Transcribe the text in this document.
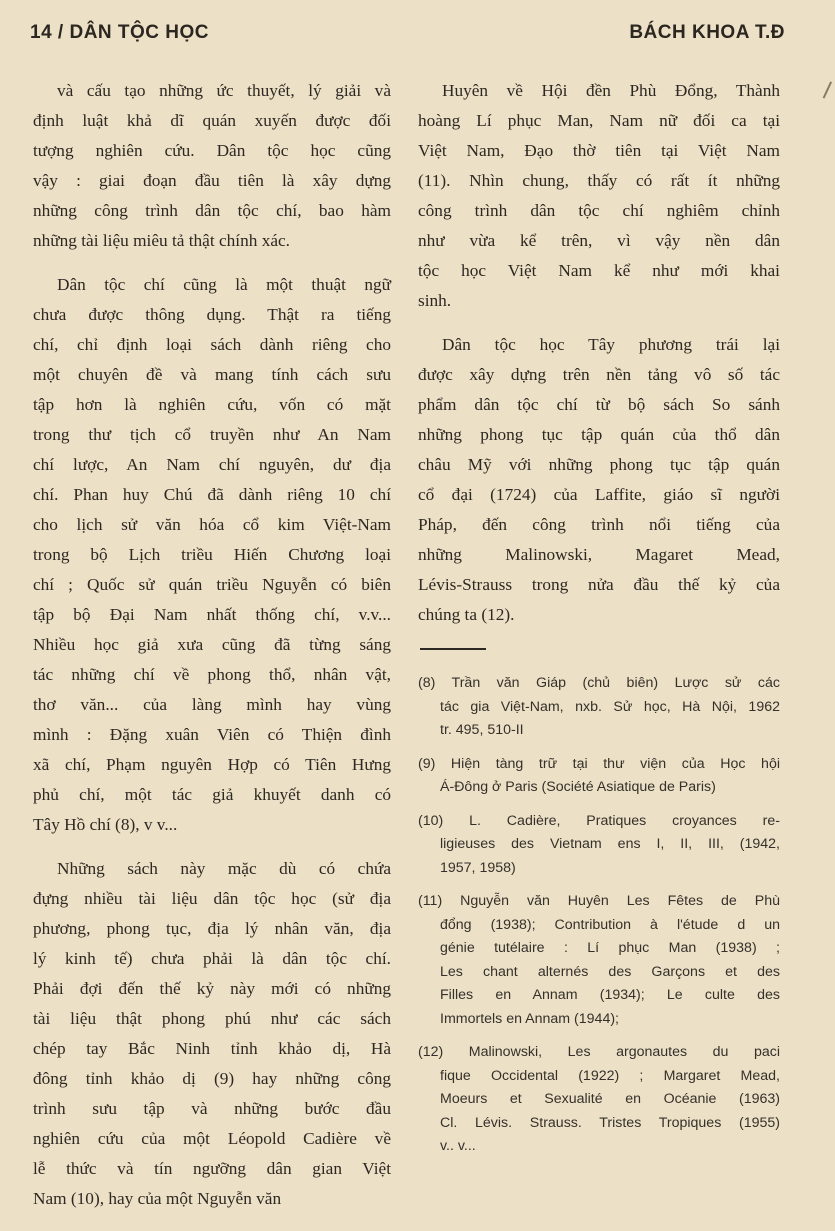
14 / DÂN TỘC HỌC	BÁCH KHOA T.Đ
và cấu tạo những ức thuyết, lý giải và
định luật khả dĩ quán xuyến được đối
tượng nghiên cứu. Dân tộc học cũng
vậy : giai đoạn đầu tiên là xây dựng
những công trình dân tộc chí, bao hàm
những tài liệu miêu tả thật chính xác.
Dân tộc chí cũng là một thuật ngữ
chưa được thông dụng. Thật ra tiếng
chí, chỉ định loại sách dành riêng cho
một chuyên đề và mang tính cách sưu
tập hơn là nghiên cứu, vốn có mặt
trong thư tịch cổ truyền như An Nam
chí lược, An Nam chí nguyên, dư địa
chí. Phan huy Chú đã dành riêng 10 chí
cho lịch sử văn hóa cổ kim Việt-Nam
trong bộ Lịch triều Hiến Chương loại
chí ; Quốc sử quán triều Nguyễn có biên
tập bộ Đại Nam nhất thống chí, v.v...
Nhiều học giả xưa cũng đã từng sáng
tác những chí về phong thổ, nhân vật,
thơ văn... của làng mình hay vùng
mình : Đặng xuân Viên có Thiện đình
xã chí, Phạm nguyên Hợp có Tiên Hưng
phủ chí, một tác giả khuyết danh có
Tây Hồ chí (8), v v...
Những sách này mặc dù có chứa
đựng nhiều tài liệu dân tộc học (sử địa
phương, phong tục, địa lý nhân văn, địa
lý kinh tế) chưa phải là dân tộc chí.
Phải đợi đến thế kỷ này mới có những
tài liệu thật phong phú như các sách
chép tay Bắc Ninh tỉnh khảo dị, Hà
đông tỉnh khảo dị (9) hay những công
trình sưu tập và những bước đầu
nghiên cứu của một Léopold Cadière về
lễ thức và tín ngưỡng dân gian Việt
Nam (10), hay của một Nguyễn văn
Huyên về Hội đền Phù Đổng, Thành
hoàng Lí phục Man, Nam nữ đối ca tại
Việt Nam, Đạo thờ tiên tại Việt Nam
(11). Nhìn chung, thấy có rất ít những
công trình dân tộc chí nghiêm chỉnh
như vừa kể trên, vì vậy nền dân
tộc học Việt Nam kể như mới khai
sinh.
Dân tộc học Tây phương trái lại
được xây dựng trên nền tảng vô số tác
phẩm dân tộc chí từ bộ sách So sánh
những phong tục tập quán của thổ dân
châu Mỹ với những phong tục tập quán
cổ đại (1724) của Laffite, giáo sĩ người
Pháp, đến công trình nổi tiếng của
những Malinowski, Magaret Mead,
Lévis-Strauss trong nửa đầu thế kỷ của
chúng ta (12).
(8) Trần văn Giáp (chủ biên) Lược sử các
tác gia Việt-Nam, nxb. Sử học, Hà Nội, 1962
tr. 495, 510-II
(9) Hiện tàng trữ tại thư viện của Học hội
Á-Đông ở Paris (Société Asiatique de Paris)
(10) L. Cadière, Pratiques croyances re-
ligieuses des Vietnam ens I, II, III, (1942,
1957, 1958)
(11) Nguyễn văn Huyên Les Fêtes de Phù
đổng (1938); Contribution à l'étude d un
génie tutélaire : Lí phục Man (1938) ;
Les chant alternés des Garçons et des
Filles en Annam (1934); Le culte des
Immortels en Annam (1944);
(12) Malinowski, Les argonautes du paci
fique Occidental (1922) ; Margaret Mead,
Moeurs et Sexualité en Océanie (1963)
Cl. Lévis. Strauss. Tristes Tropiques (1955)
v.. v...
